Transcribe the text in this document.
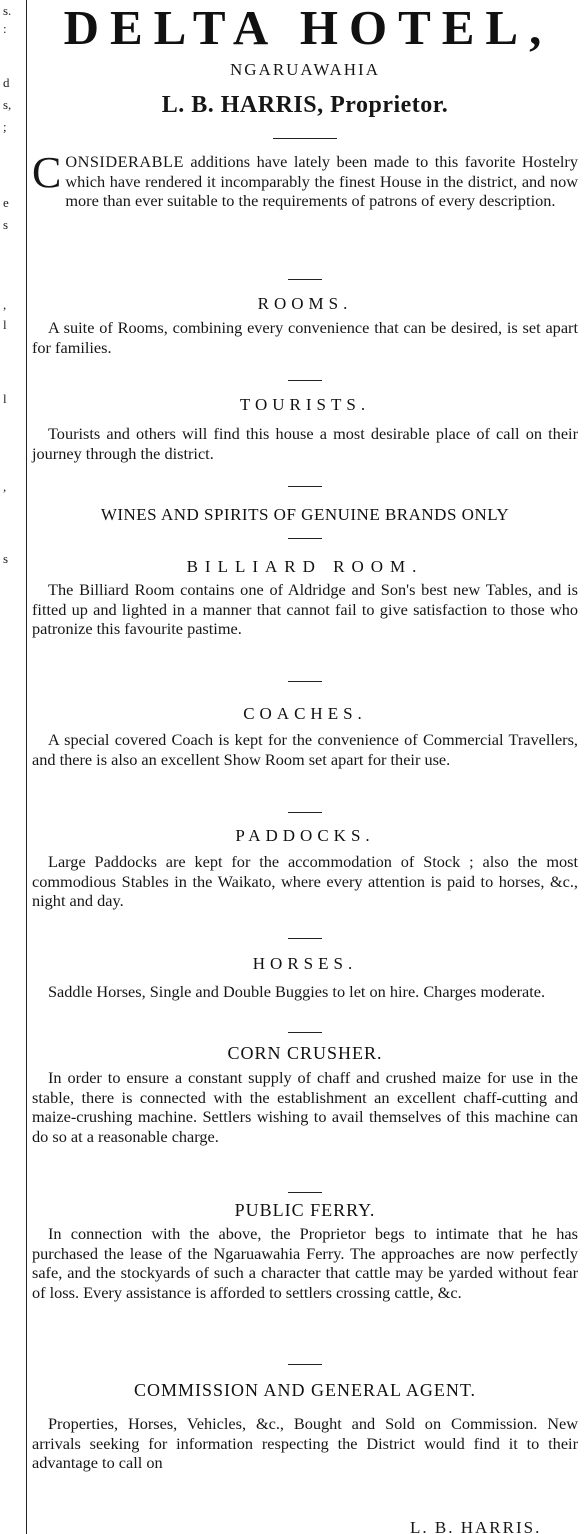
s.
:
d
s,
;
e
s
,
l
l
,
s
DELTA HOTEL,
NGARUAWAHIA
L. B. HARRIS, Proprietor.
CONSIDERABLE additions have lately been made to this favorite Hostelry which have rendered it incomparably the finest House in the district, and now more than ever suitable to the requirements of patrons of every description.
ROOMS.
A suite of Rooms, combining every convenience that can be desired, is set apart for families.
TOURISTS.
Tourists and others will find this house a most desirable place of call on their journey through the district.
WINES AND SPIRITS OF GENUINE BRANDS ONLY
BILLIARD ROOM.
The Billiard Room contains one of Aldridge and Son's best new Tables, and is fitted up and lighted in a manner that cannot fail to give satisfaction to those who patronize this favourite pastime.
COACHES.
A special covered Coach is kept for the convenience of Commercial Travellers, and there is also an excellent Show Room set apart for their use.
PADDOCKS.
Large Paddocks are kept for the accommodation of Stock ; also the most commodious Stables in the Waikato, where every attention is paid to horses, &c., night and day.
HORSES.
Saddle Horses, Single and Double Buggies to let on hire. Charges moderate.
CORN CRUSHER.
In order to ensure a constant supply of chaff and crushed maize for use in the stable, there is connected with the establishment an excellent chaff-cutting and maize-crushing machine. Settlers wishing to avail themselves of this machine can do so at a reasonable charge.
PUBLIC FERRY.
In connection with the above, the Proprietor begs to intimate that he has purchased the lease of the Ngaruawahia Ferry. The approaches are now perfectly safe, and the stockyards of such a character that cattle may be yarded without fear of loss. Every assistance is afforded to settlers crossing cattle, &c.
COMMISSION AND GENERAL AGENT.
Properties, Horses, Vehicles, &c., Bought and Sold on Commission. New arrivals seeking for information respecting the District would find it to their advantage to call on
L. B. HARRIS.
